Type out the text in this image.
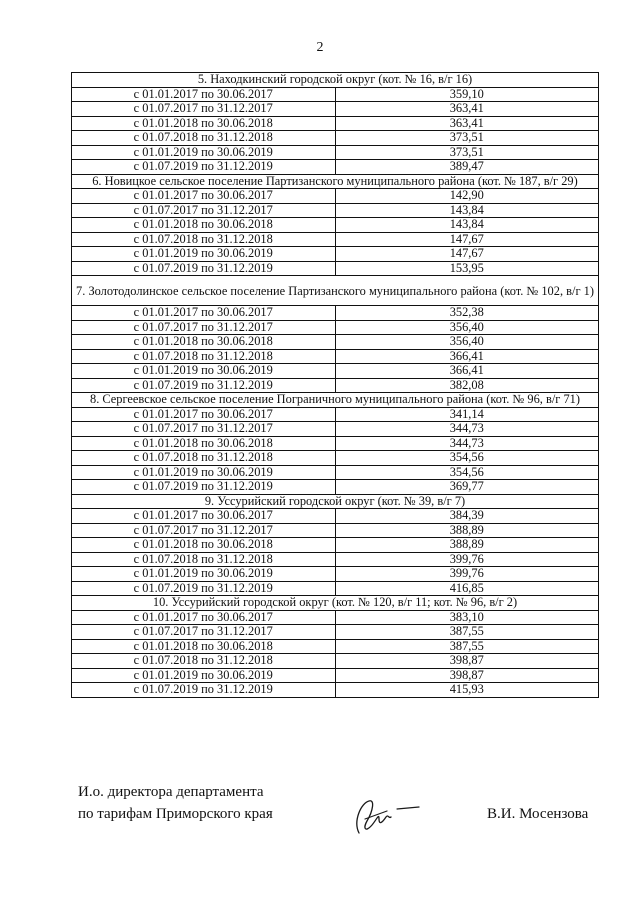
2
5. Находкинский городской округ (кот. № 16, в/г 16)	
с 01.01.2017 по 30.06.2017	359,10
с 01.07.2017 по 31.12.2017	363,41
с 01.01.2018 по 30.06.2018	363,41
с 01.07.2018 по 31.12.2018	373,51
с 01.01.2019 по 30.06.2019	373,51
с 01.07.2019 по 31.12.2019	389,47
6. Новицкое сельское поселение Партизанского муниципального района (кот. № 187, в/г 29)	
с 01.01.2017 по 30.06.2017	142,90
с 01.07.2017 по 31.12.2017	143,84
с 01.01.2018 по 30.06.2018	143,84
с 01.07.2018 по 31.12.2018	147,67
с 01.01.2019 по 30.06.2019	147,67
с 01.07.2019 по 31.12.2019	153,95
7. Золотодолинское сельское поселение Партизанского муниципального района (кот. № 102, в/г 1)	
с 01.01.2017 по 30.06.2017	352,38
с 01.07.2017 по 31.12.2017	356,40
с 01.01.2018 по 30.06.2018	356,40
с 01.07.2018 по 31.12.2018	366,41
с 01.01.2019 по 30.06.2019	366,41
с 01.07.2019 по 31.12.2019	382,08
8. Сергеевское сельское поселение Пограничного муниципального района (кот. № 96, в/г 71)	
с 01.01.2017 по 30.06.2017	341,14
с 01.07.2017 по 31.12.2017	344,73
с 01.01.2018 по 30.06.2018	344,73
с 01.07.2018 по 31.12.2018	354,56
с 01.01.2019 по 30.06.2019	354,56
с 01.07.2019 по 31.12.2019	369,77
9. Уссурийский городской округ (кот. № 39, в/г 7)	
с 01.01.2017 по 30.06.2017	384,39
с 01.07.2017 по 31.12.2017	388,89
с 01.01.2018 по 30.06.2018	388,89
с 01.07.2018 по 31.12.2018	399,76
с 01.01.2019 по 30.06.2019	399,76
с 01.07.2019 по 31.12.2019	416,85
10. Уссурийский городской округ (кот. № 120, в/г 11; кот. № 96, в/г 2)	
с 01.01.2017 по 30.06.2017	383,10
с 01.07.2017 по 31.12.2017	387,55
с 01.01.2018 по 30.06.2018	387,55
с 01.07.2018 по 31.12.2018	398,87
с 01.01.2019 по 30.06.2019	398,87
с 01.07.2019 по 31.12.2019	415,93
И.о. директора департамента
по тарифам Приморского края	В.И. Мосензова
